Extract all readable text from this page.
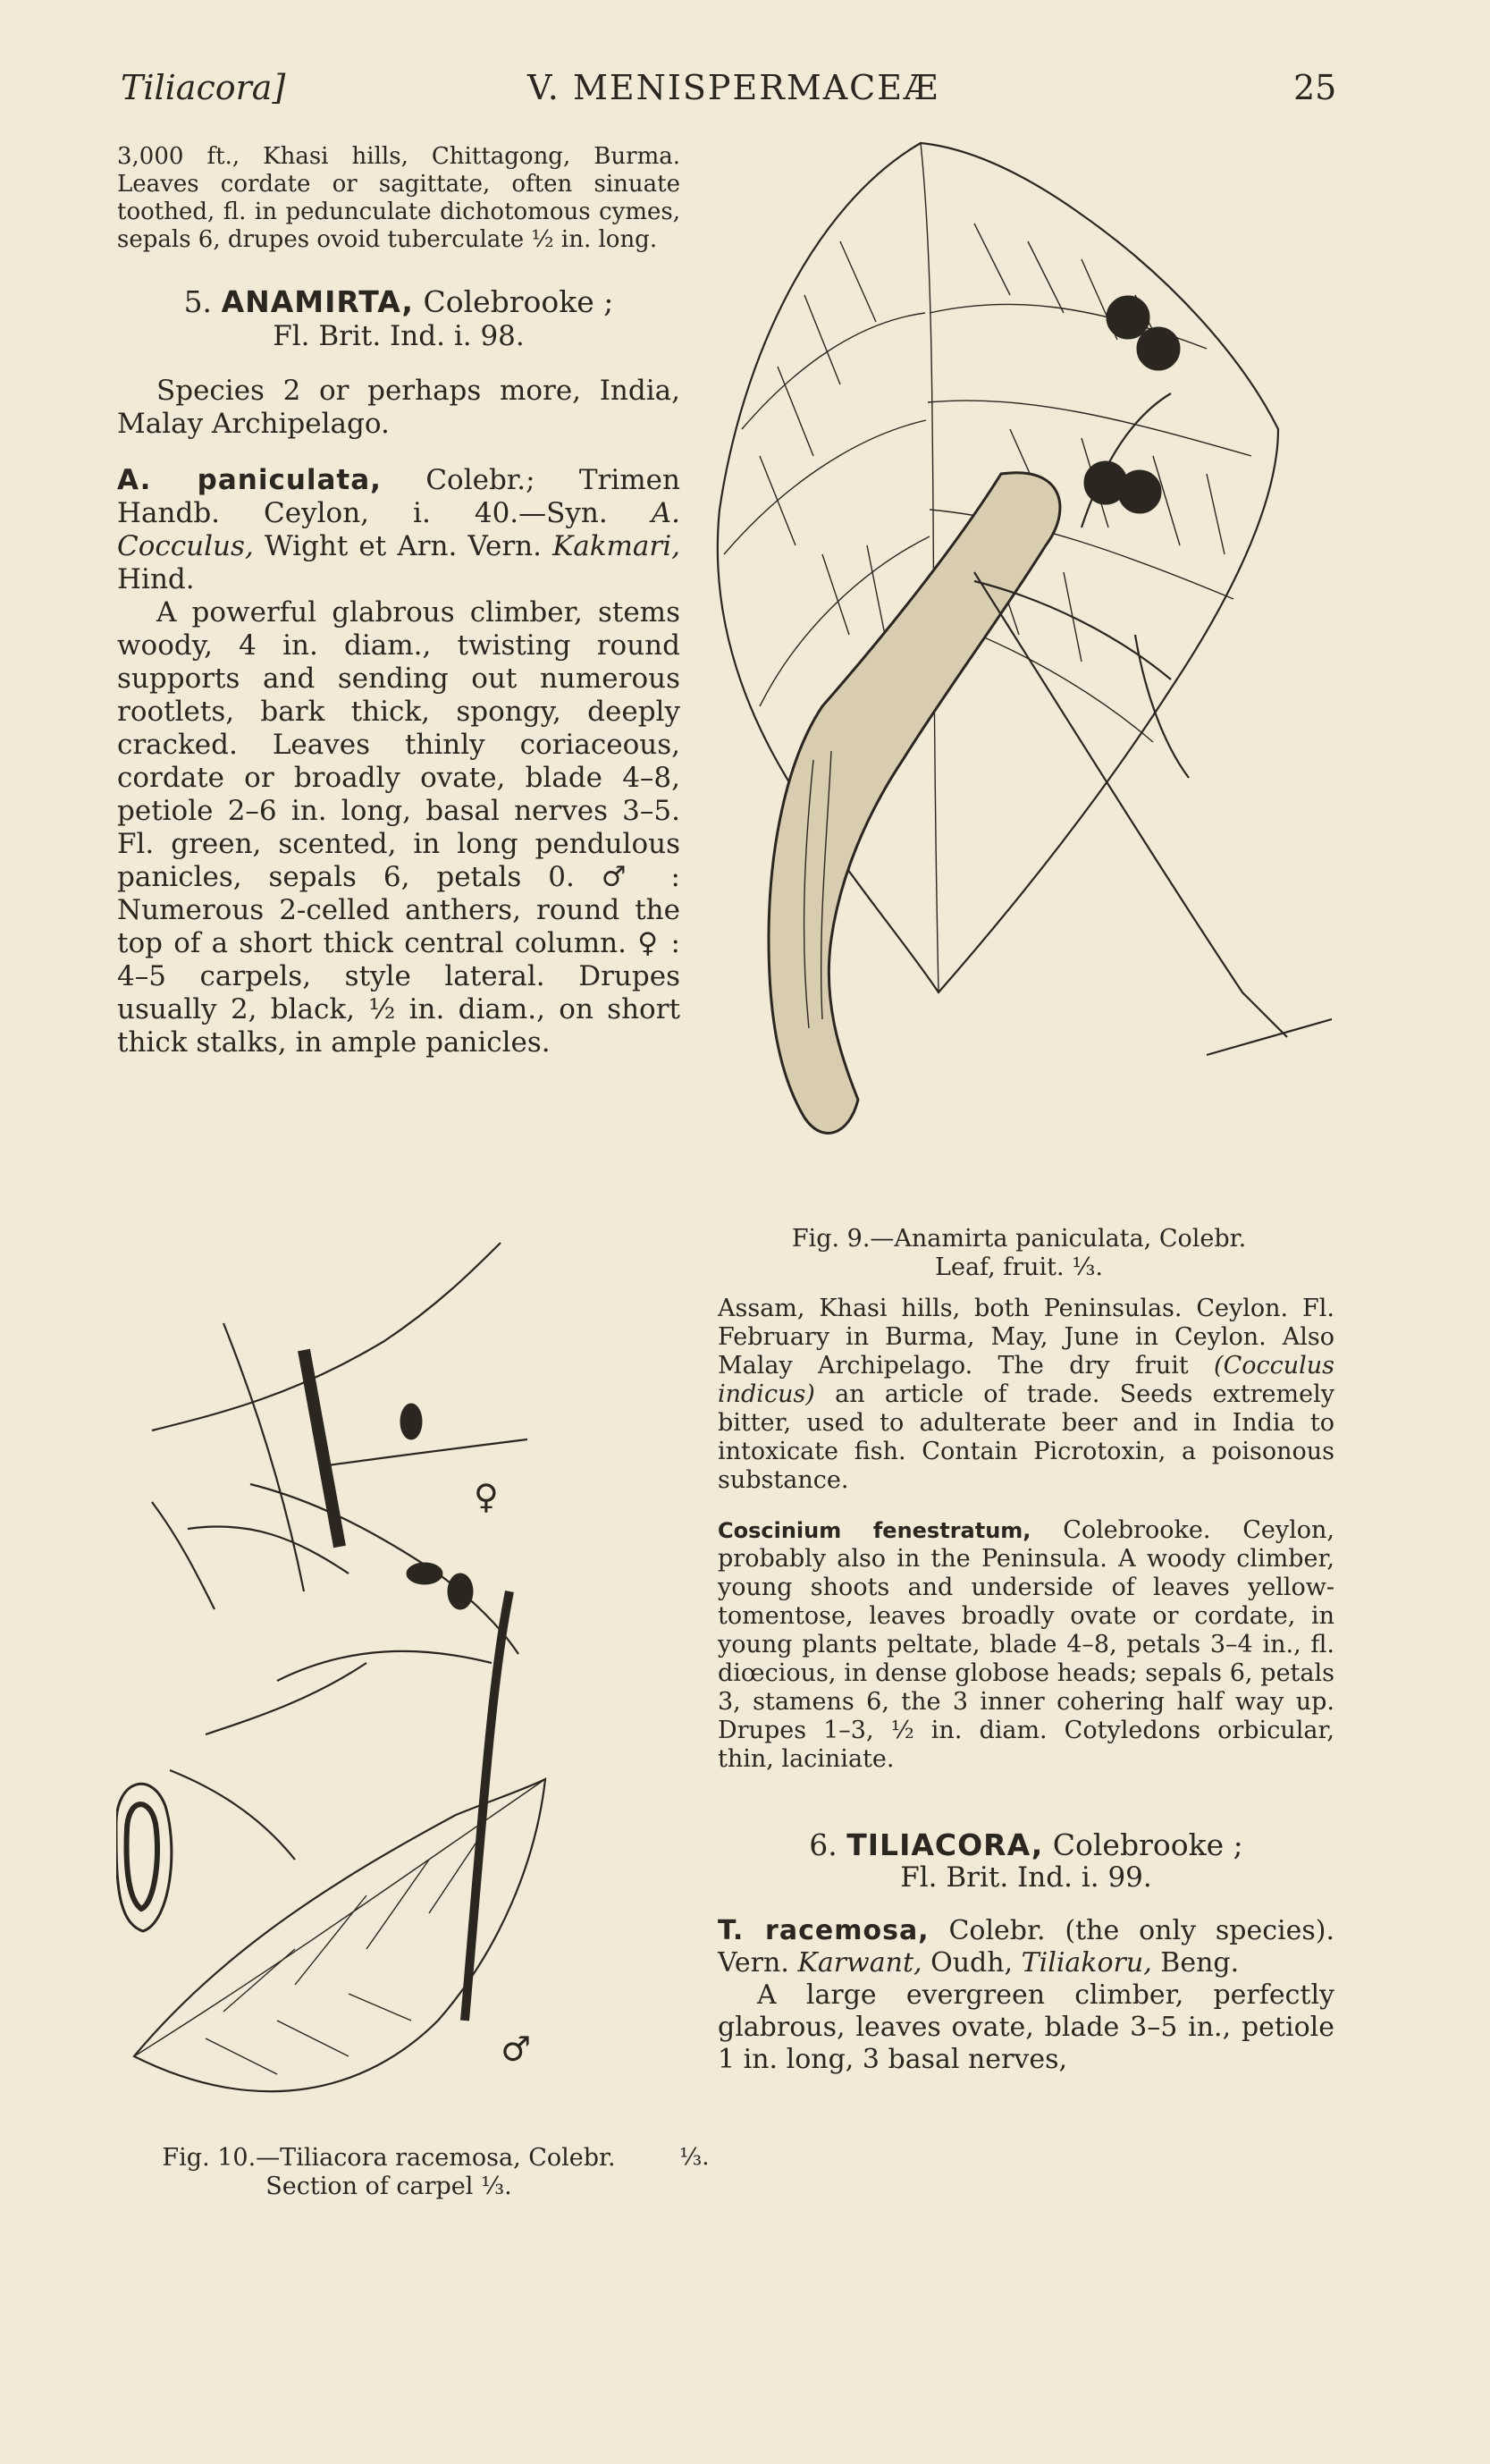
Tiliacora]	V. MENISPERMACEÆ	25

3,000 ft., Khasi hills, Chittagong, Burma. Leaves cordate or sagittate, often sinuate toothed, fl. in pedunculate dichotomous cymes, sepals 6, drupes ovoid tuberculate ½ in. long.

5. ANAMIRTA, Colebrooke ;

Fl. Brit. Ind. i. 98.

Species 2 or perhaps more, India, Malay Archipelago.

A. paniculata, Colebr.; Trimen Handb. Ceylon, i. 40.—Syn. A. Cocculus, Wight et Arn. Vern. Kakmari, Hind.

A powerful glabrous climber, stems woody, 4 in. diam., twisting round supports and sending out numerous rootlets, bark thick, spongy, deeply cracked. Leaves thinly coriaceous, cordate or broadly ovate, blade 4–8, petiole 2–6 in. long, basal nerves 3–5. Fl. green, scented, in long pendulous panicles, sepals 6, petals 0. ♂ : Numerous 2-celled anthers, round the top of a short thick central column. ♀ : 4–5 carpels, style lateral. Drupes usually 2, black, ½ in. diam., on short thick stalks, in ample panicles.

Fig. 9.—Anamirta paniculata, Colebr.
Leaf, fruit. ⅓.
♀
♂
Fig. 10.—Tiliacora racemosa, Colebr.
Section of carpel ⅓.
⅓.

Assam, Khasi hills, both Peninsulas. Ceylon. Fl. February in Burma, May, June in Ceylon. Also Malay Archipelago. The dry fruit (Cocculus indicus) an article of trade. Seeds extremely bitter, used to adulterate beer and in India to intoxicate fish. Contain Picrotoxin, a poisonous substance.

Coscinium fenestratum, Colebrooke. Ceylon, probably also in the Peninsula. A woody climber, young shoots and underside of leaves yellow-tomentose, leaves broadly ovate or cordate, in young plants peltate, blade 4–8, petals 3–4 in., fl. diœcious, in dense globose heads; sepals 6, petals 3, stamens 6, the 3 inner cohering half way up. Drupes 1–3, ½ in. diam. Cotyledons orbicular, thin, laciniate.

6. TILIACORA, Colebrooke ;

Fl. Brit. Ind. i. 99.

T. racemosa, Colebr. (the only species). Vern. Karwant, Oudh, Tiliakoru, Beng.

A large evergreen climber, perfectly glabrous, leaves ovate, blade 3–5 in., petiole 1 in. long, 3 basal nerves,
